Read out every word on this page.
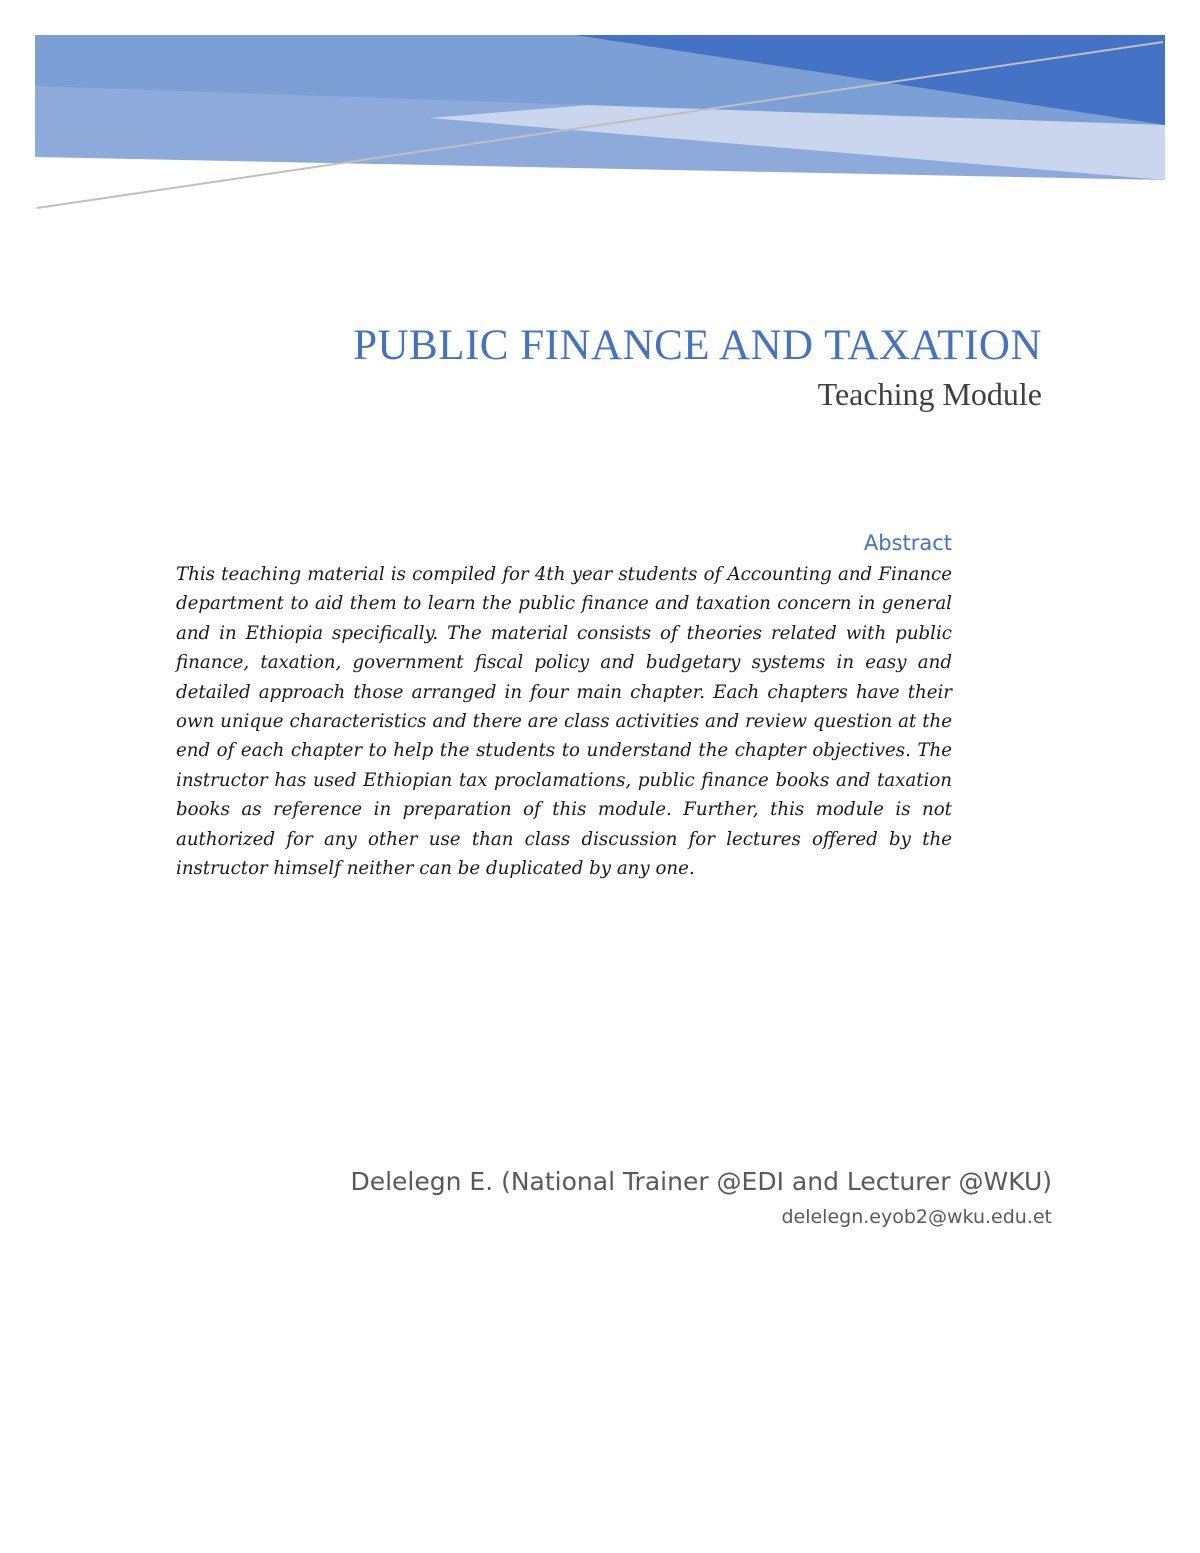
PUBLIC FINANCE AND TAXATION
Teaching Module
Abstract

This teaching material is compiled for 4th year students of Accounting and Finance department to aid them to learn the public finance and taxation concern in general and in Ethiopia specifically. The material consists of theories related with public finance, taxation, government fiscal policy and budgetary systems in easy and detailed approach those arranged in four main chapter. Each chapters have their own unique characteristics and there are class activities and review question at the end of each chapter to help the students to understand the chapter objectives. The instructor has used Ethiopian tax proclamations, public finance books and taxation books as reference in preparation of this module. Further, this module is not authorized for any other use than class discussion for lectures offered by the instructor himself neither can be duplicated by any one.

Delelegn E. (National Trainer @EDI and Lecturer @WKU)
delelegn.eyob2@wku.edu.et
